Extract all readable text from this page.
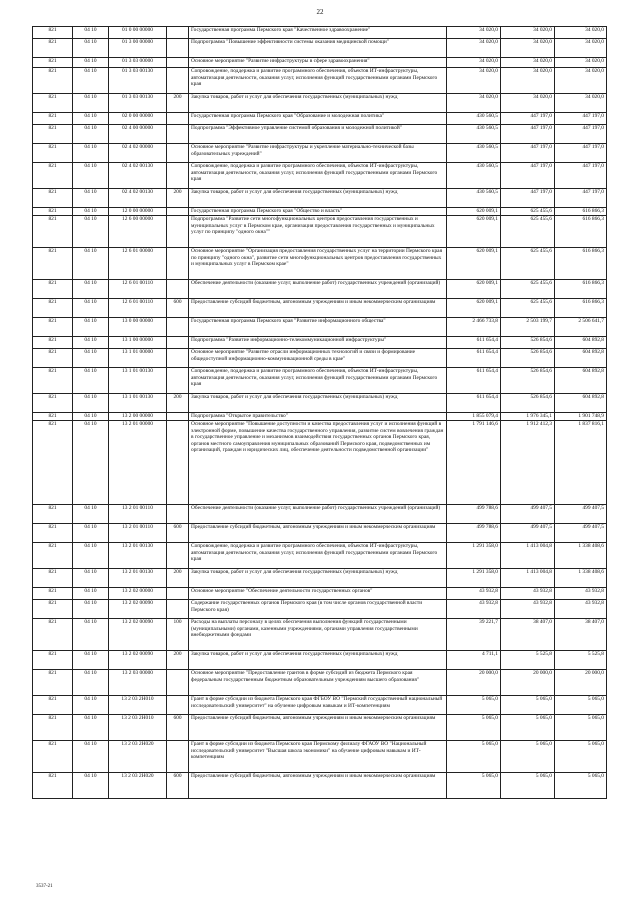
22
821	04 10	01 0 00 00000		Государственная программа Пермского края "Качественное здравоохранение"	34 020,0	34 020,0	34 020,0
821	04 10	01 3 00 00000		Подпрограмма "Повышение эффективности системы оказания медицинской помощи"	34 020,0	34 020,0	34 020,0
821	04 10	01 3 03 00000		Основное мероприятие "Развитие инфраструктуры в сфере здравоохранения"	34 020,0	34 020,0	34 020,0
821	04 10	01 3 03 00130		Сопровождение, поддержка и развитие программного обеспечения, объектов ИТ-инфраструктуры, автоматизация деятельности, оказания услуг, исполнения функций государственными органами Пермского края	34 020,0	34 020,0	34 020,0
821	04 10	01 3 03 00130	200	Закупка товаров, работ и услуг для обеспечения государственных (муниципальных) нужд	34 020,0	34 020,0	34 020,0
821	04 10	02 0 00 00000		Государственная программа Пермского края "Образование и молодежная политика"	430 560,5	447 197,0	447 197,0
821	04 10	02 4 00 00000		Подпрограмма "Эффективное управление системой образования и молодежной политикой"	430 560,5	447 197,0	447 197,0
821	04 10	02 4 02 00000		Основное мероприятие "Развитие инфраструктуры и укрепление материально-технической базы образовательных учреждений"	430 560,5	447 197,0	447 197,0
821	04 10	02 4 02 00130		Сопровождение, поддержка и развитие программного обеспечения, объектов ИТ-инфраструктуры, автоматизация деятельности, оказания услуг, исполнения функций государственными органами Пермского края	430 560,5	447 197,0	447 197,0
821	04 10	02 4 02 00130	200	Закупка товаров, работ и услуг для обеспечения государственных (муниципальных) нужд	430 560,5	447 197,0	447 197,0
821	04 10	12 0 00 00000		Государственная программа Пермского края "Общество и власть"	620 009,1	625 455,6	616 866,3
821	04 10	12 6 00 00000		Подпрограмма "Развитие сети многофункциональных центров предоставления государственных и муниципальных услуг в Пермском крае, организация предоставления государственных и муниципальных услуг по принципу "одного окна""	620 009,1	625 455,6	616 866,3
821	04 10	12 6 01 00000		Основное мероприятие "Организация предоставления государственных услуг на территории Пермского края по принципу "одного окна", развитие сети многофункциональных центров предоставления государственных и муниципальных услуг в Пермском крае"	620 009,1	625 455,6	616 866,3
821	04 10	12 6 01 00110		Обеспечение деятельности (оказание услуг, выполнение работ) государственных учреждений (организаций)	620 009,1	625 455,6	616 866,3
821	04 10	12 6 01 00110	600	Предоставление субсидий бюджетным, автономным учреждениям и иным некоммерческим организациям	620 009,1	625 455,6	616 866,3
821	04 10	13 0 00 00000		Государственная программа Пермского края "Развитие информационного общества"	2 466 733,8	2 503 199,7	2 506 641,7
821	04 10	13 1 00 00000		Подпрограмма "Развитие информационно-телекоммуникационной инфраструктуры"	611 654,4	526 854,6	604 892,8
821	04 10	13 1 01 00000		Основное мероприятие "Развитие отрасли информационных технологий и связи и формирование общедоступной информационно-коммуникационной среды в крае"	611 654,4	526 854,6	604 892,8
821	04 10	13 1 01 00130		Сопровождение, поддержка и развитие программного обеспечения, объектов ИТ-инфраструктуры, автоматизация деятельности, оказания услуг, исполнения функций государственными органами Пермского края	611 654,4	526 854,6	604 892,8
821	04 10	13 1 01 00130	200	Закупка товаров, работ и услуг для обеспечения государственных (муниципальных) нужд	611 654,4	526 854,6	604 892,8
821	04 10	13 2 00 00000		Подпрограмма "Открытое правительство"	1 855 079,4	1 976 345,1	1 901 748,9
821	04 10	13 2 01 00000		Основное мероприятие "Повышение доступности и качества предоставления услуг и исполнения функций в электронной форме, повышение качества государственного управления, развитие систем вовлечения граждан в государственное управление и механизмов взаимодействия государственных органов Пермского края, органов местного самоуправления муниципальных образований Пермского края, подведомственных им организаций, граждан и юридических лиц, обеспечение деятельности подведомственной организации"	1 791 146,6	1 912 412,3	1 837 816,1
821	04 10	13 2 01 00110		Обеспечение деятельности (оказание услуг, выполнение работ) государственных учреждений (организаций)	499 788,6	499 407,5	499 407,5
821	04 10	13 2 01 00110	600	Предоставление субсидий бюджетным, автономным учреждениям и иным некоммерческим организациям	499 788,6	499 407,5	499 407,5
821	04 10	13 2 01 00130		Сопровождение, поддержка и развитие программного обеспечения, объектов ИТ-инфраструктуры, автоматизация деятельности, оказания услуг, исполнения функций государственными органами Пермского края	1 291 358,0	1 413 004,8	1 338 408,6
821	04 10	13 2 01 00130	200	Закупка товаров, работ и услуг для обеспечения государственных (муниципальных) нужд	1 291 358,0	1 413 004,8	1 338 408,6
821	04 10	13 2 02 00000		Основное мероприятие "Обеспечение деятельности государственных органов"	43 932,8	43 932,8	43 932,8
821	04 10	13 2 02 00090		Содержание государственных органов Пермского края (в том числе органов государственной власти Пермского края)	43 932,8	43 932,8	43 932,8
821	04 10	13 2 02 00090	100	Расходы на выплаты персоналу в целях обеспечения выполнения функций государственными (муниципальными) органами, казенными учреждениями, органами управления государственными внебюджетными фондами	39 221,7	38 407,0	38 407,0
821	04 10	13 2 02 00090	200	Закупка товаров, работ и услуг для обеспечения государственных (муниципальных) нужд	4 711,1	5 525,8	5 525,8
821	04 10	13 2 03 00000		Основное мероприятие "Предоставление грантов в форме субсидий из бюджета Пермского края федеральным государственным бюджетным образовательным учреждениям высшего образования"	20 000,0	20 000,0	20 000,0
821	04 10	13 2 03 2Н010		Грант в форме субсидии из бюджета Пермского края ФГБОУ ВО "Пермский государственный национальный исследовательский университет" на обучение цифровым навыкам и ИТ-компетенциям	5 065,0	5 065,0	5 065,0
821	04 10	13 2 03 2Н010	600	Предоставление субсидий бюджетным, автономным учреждениям и иным некоммерческим организациям	5 065,0	5 065,0	5 065,0
821	04 10	13 2 03 2Н020		Грант в форме субсидии из бюджета Пермского края Пермскому филиалу ФГАОУ ВО "Национальный исследовательский университет "Высшая школа экономики" на обучение цифровым навыкам и ИТ-компетенциям	5 065,0	5 065,0	5 065,0
821	04 10	13 2 03 2Н020	600	Предоставление субсидий бюджетным, автономным учреждениям и иным некоммерческим организациям	5 065,0	5 065,0	5 065,0
3537-21
